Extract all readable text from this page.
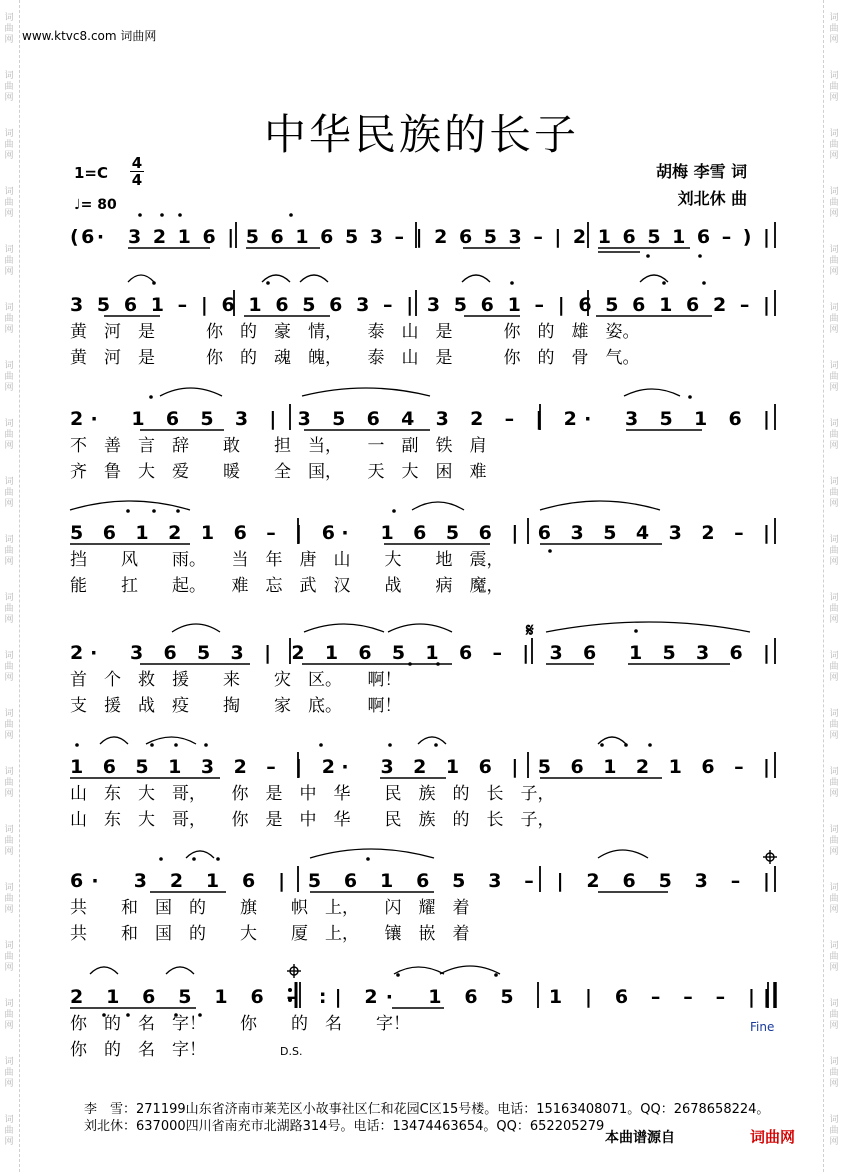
词
曲
网
词
曲
网
词
曲
网
词
曲
网
词
曲
网
词
曲
网
词
曲
网
词
曲
网
词
曲
网
词
曲
网
词
曲
网
词
曲
网
词
曲
网
词
曲
网
词
曲
网
词
曲
网
词
曲
网
词
曲
网
词
曲
网
词
曲
网
词
曲
网
词
曲
网
词
曲
网
词
曲
网
词
曲
网
词
曲
网
词
曲
网
词
曲
网
词
曲
网
词
曲
网
词
曲
网
词
曲
网
词
曲
网
词
曲
网
词
曲
网
词
曲
网
词
曲
网
词
曲
网
词
曲
网
词
曲
网
www.ktvc8.com 词曲网
中华民族的长子
1=C
4
4
♩= 80
胡梅 李雪 词
刘北休 曲
𝄋
(6·　3 2 1 6 | 5 6 1 6 5 3 – | 2 6 5 3 – | 2 1 6 5 1 6 – ) |
3 5 6 1 – | 6 1 6 5 6 3 – | 3 5 6 1 – | 6 5 6 1 6 2 – |
黄　河　是　　　你　的　豪　情，　　泰　山　是　　　你　的　雄　姿。
黄　河　是　　　你　的　魂　魄，　　泰　山　是　　　你　的　骨　气。
2·　1 6 5 3 | 3 5 6 4 3 2 – | 2·　3 5 1 6 |
不　善　言　辞　　敢　　担　当，　　一　副　铁　肩
齐　鲁　大　爱　　暖　　全　国，　　天　大　困　难
5 6 1 2 1 6 – | 6·　1 6 5 6 | 6 3 5 4 3 2 – |
挡　　风　　雨。　　当　年　唐　山　　大　　地　震，
能　　扛　　起。　　难　忘　武　汉　　战　　病　魔，
2·　3 6 5 3 | 2 1 6 5 1 6 – | 3 6　1 5 3 6 |
首　个　救　援　　来　　灾　区。　　啊！
支　援　战　疫　　掏　　家　底。　　啊！
1 6 5 1 3 2 – | 2·　3 2 1 6 | 5 6 1 2 1 6 – |
山　东　大　哥，　　你　是　中　华　　民　族　的　长　子，
山　东　大　哥，　　你　是　中　华　　民　族　的　长　子，
6·　3 2 1 6 | 5 6 1 6 5 3 – | 2 6 5 3 – |
共　　和　国　的　　旗　　帜　上，　　闪　耀　着
共　　和　国　的　　大　　厦　上，　　镶　嵌　着
2 1 6 5 1 6 – :| 2·　1 6 5　1 | 6 – – – ||
你　的　名　字！　　你　　的　名　　字！
你　的　名　字！
Fine
D.S.
李　雪：271199山东省济南市莱芜区小故事社区仁和花园C区15号楼。电话：15163408071。QQ：2678658224。
刘北休：637000四川省南充市北湖路314号。电话：13474463654。QQ：652205279
本曲谱源自	词曲网
